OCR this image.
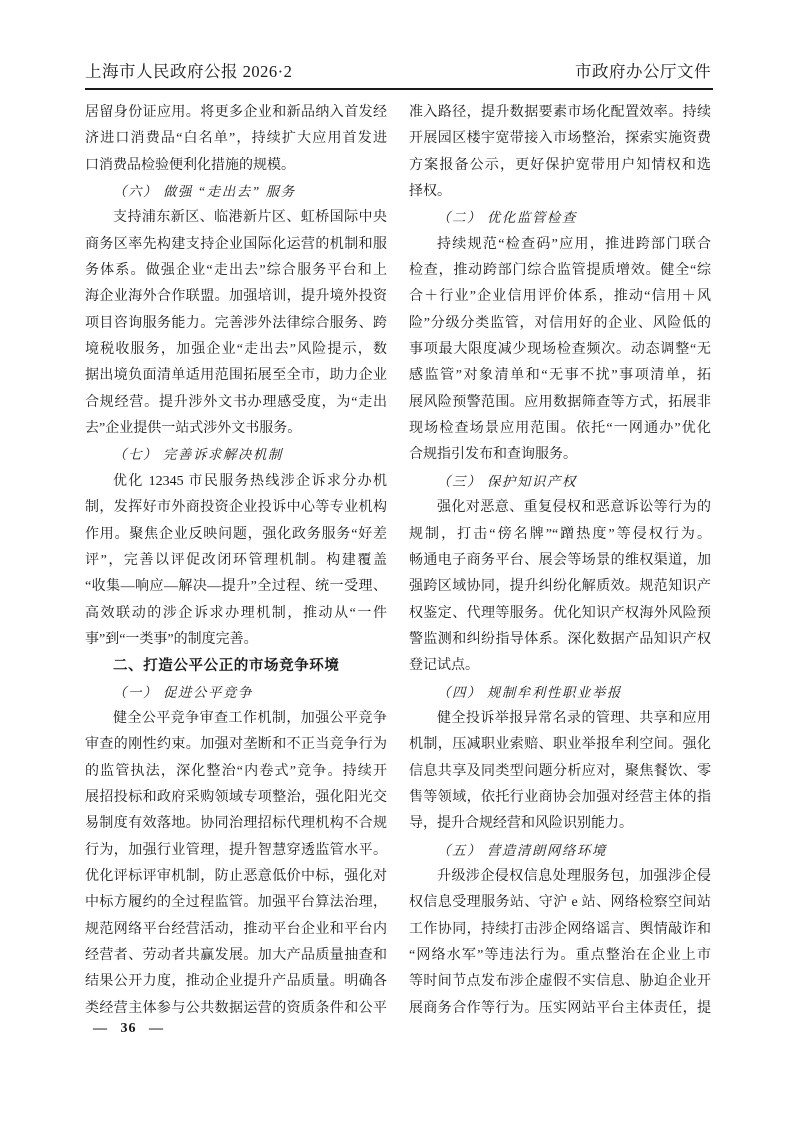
上海市人民政府公报 2026·2	市政府办公厅文件
居留身份证应用。将更多企业和新品纳入首发经
济进口消费品“白名单”，持续扩大应用首发进
口消费品检验便利化措施的规模。
（六） 做强 “走出去” 服务
支持浦东新区、临港新片区、虹桥国际中央
商务区率先构建支持企业国际化运营的机制和服
务体系。做强企业“走出去”综合服务平台和上
海企业海外合作联盟。加强培训，提升境外投资
项目咨询服务能力。完善涉外法律综合服务、跨
境税收服务，加强企业“走出去”风险提示，数
据出境负面清单适用范围拓展至全市，助力企业
合规经营。提升涉外文书办理感受度，为“走出
去”企业提供一站式涉外文书服务。
（七） 完善诉求解决机制
优化 12345 市民服务热线涉企诉求分办机
制，发挥好市外商投资企业投诉中心等专业机构
作用。聚焦企业反映问题，强化政务服务“好差
评”，完善以评促改闭环管理机制。构建覆盖
“收集—响应—解决—提升”全过程、统一受理、
高效联动的涉企诉求办理机制，推动从“一件
事”到“一类事”的制度完善。
二、打造公平公正的市场竞争环境
（一） 促进公平竞争
健全公平竞争审查工作机制，加强公平竞争
审查的刚性约束。加强对垄断和不正当竞争行为
的监管执法，深化整治“内卷式”竞争。持续开
展招投标和政府采购领域专项整治，强化阳光交
易制度有效落地。协同治理招标代理机构不合规
行为，加强行业管理，提升智慧穿透监管水平。
优化评标评审机制，防止恶意低价中标，强化对
中标方履约的全过程监管。加强平台算法治理，
规范网络平台经营活动，推动平台企业和平台内
经营者、劳动者共赢发展。加大产品质量抽查和
结果公开力度，推动企业提升产品质量。明确各
类经营主体参与公共数据运营的资质条件和公平
准入路径，提升数据要素市场化配置效率。持续
开展园区楼宇宽带接入市场整治，探索实施资费
方案报备公示，更好保护宽带用户知情权和选
择权。
（二） 优化监管检查
持续规范“检查码”应用，推进跨部门联合
检查，推动跨部门综合监管提质增效。健全“综
合＋行业”企业信用评价体系，推动“信用＋风
险”分级分类监管，对信用好的企业、风险低的
事项最大限度减少现场检查频次。动态调整“无
感监管”对象清单和“无事不扰”事项清单，拓
展风险预警范围。应用数据筛查等方式，拓展非
现场检查场景应用范围。依托“一网通办”优化
合规指引发布和查询服务。
（三） 保护知识产权
强化对恶意、重复侵权和恶意诉讼等行为的
规制，打击“傍名牌”“蹭热度”等侵权行为。
畅通电子商务平台、展会等场景的维权渠道，加
强跨区域协同，提升纠纷化解质效。规范知识产
权鉴定、代理等服务。优化知识产权海外风险预
警监测和纠纷指导体系。深化数据产品知识产权
登记试点。
（四） 规制牟利性职业举报
健全投诉举报异常名录的管理、共享和应用
机制，压减职业索赔、职业举报牟利空间。强化
信息共享及同类型问题分析应对，聚焦餐饮、零
售等领域，依托行业商协会加强对经营主体的指
导，提升合规经营和风险识别能力。
（五） 营造清朗网络环境
升级涉企侵权信息处理服务包，加强涉企侵
权信息受理服务站、守沪 e 站、网络检察空间站
工作协同，持续打击涉企网络谣言、舆情敲诈和
“网络水军”等违法行为。重点整治在企业上市
等时间节点发布涉企虚假不实信息、胁迫企业开
展商务合作等行为。压实网站平台主体责任，提
— 36 —
